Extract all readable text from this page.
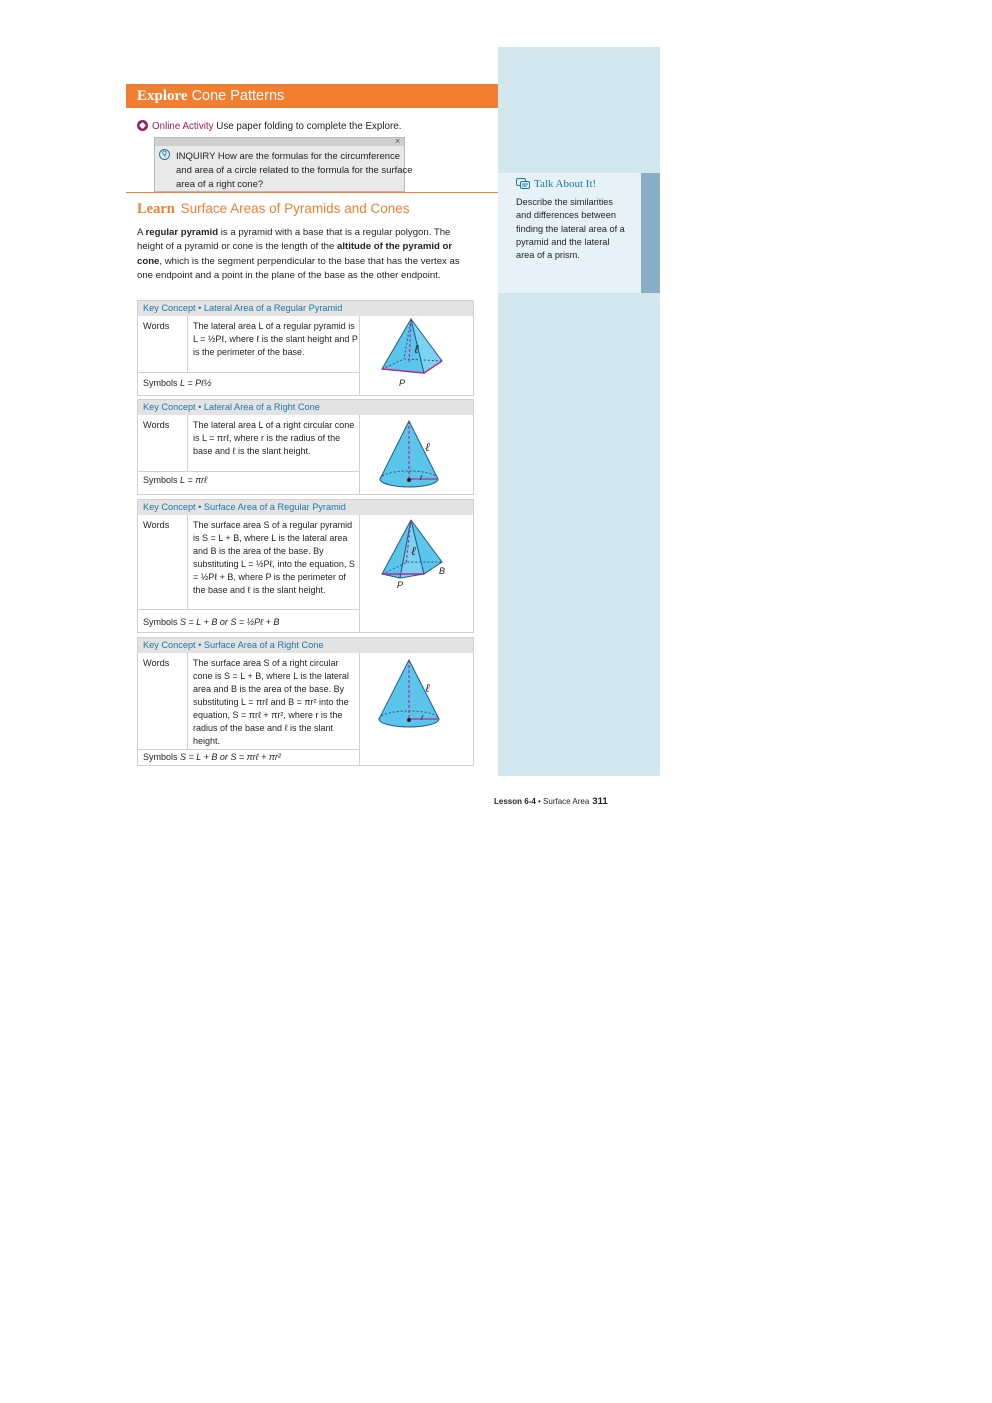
Talk About It!
Describe the similarities and differences between finding the lateral area of a pyramid and the lateral area of a prism.
Explore Cone Patterns
Online Activity Use paper folding to complete the Explore.
×
Q INQUIRY How are the formulas for the circumference and area of a circle related to the formula for the surface area of a right cone?
Learn Surface Areas of Pyramids and Cones
A regular pyramid is a pyramid with a base that is a regular polygon. The height of a pyramid or cone is the length of the altitude of the pyramid or cone, which is the segment perpendicular to the base that has the vertex as one endpoint and a point in the plane of the base as the other endpoint.
Key Concept • Lateral Area of a Regular Pyramid
Words	The lateral area L of a regular pyramid is L = ½Pℓ, where ℓ is the slant height and P is the perimeter of the base.
Symbols L = Pℓ½
ℓ
P
Key Concept • Lateral Area of a Right Cone
Words	The lateral area L of a right circular cone is L = πrℓ, where r is the radius of the base and ℓ is the slant height.
Symbols L = πrℓ
ℓ
r
Key Concept • Surface Area of a Regular Pyramid
Words	The surface area S of a regular pyramid is S = L + B, where L is the lateral area and B is the area of the base. By substituting L = ½Pℓ, into the equation, S = ½Pℓ + B, where P is the perimeter of the base and ℓ is the slant height.
Symbols S = L + B or S = ½Pℓ + B
ℓ
P
B
Key Concept • Surface Area of a Right Cone
Words	The surface area S of a right circular cone is S = L + B, where L is the lateral area and B is the area of the base. By substituting L = πrℓ and B = πr² into the equation, S = πrℓ + πr², where r is the radius of the base and ℓ is the slant height.
Symbols S = L + B or S = πrℓ + πr²
ℓ
r
Lesson 6-4 • Surface Area 311
